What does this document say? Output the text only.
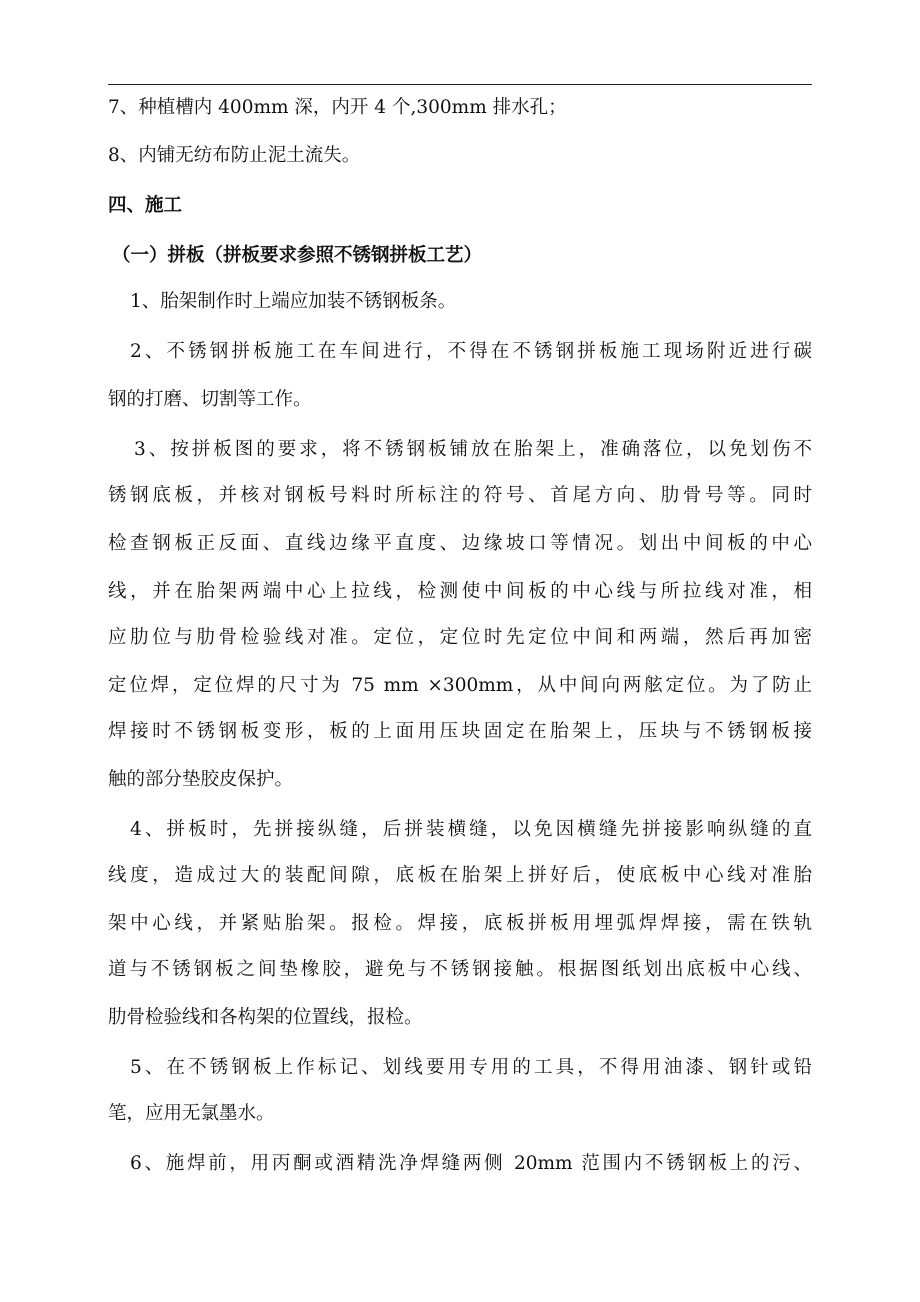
7、种植槽内 400mm 深，内开 4 个,300mm 排水孔；
8、内铺无纺布防止泥土流失。
四、施工
（一）拼板（拼板要求参照不锈钢拼板工艺）
1、胎架制作时上端应加装不锈钢板条。
2、不锈钢拼板施工在车间进行，不得在不锈钢拼板施工现场附近进行碳
钢的打磨、切割等工作。
3、按拼板图的要求，将不锈钢板铺放在胎架上，准确落位，以免划伤不
锈钢底板，并核对钢板号料时所标注的符号、首尾方向、肋骨号等。同时
检查钢板正反面、直线边缘平直度、边缘坡口等情况。划出中间板的中心
线，并在胎架两端中心上拉线，检测使中间板的中心线与所拉线对准，相
应肋位与肋骨检验线对准。定位，定位时先定位中间和两端，然后再加密
定位焊，定位焊的尺寸为 75 mm ×300mm，从中间向两舷定位。为了防止
焊接时不锈钢板变形，板的上面用压块固定在胎架上，压块与不锈钢板接
触的部分垫胶皮保护。
4、拼板时，先拼接纵缝，后拼装横缝，以免因横缝先拼接影响纵缝的直
线度，造成过大的装配间隙，底板在胎架上拼好后，使底板中心线对准胎
架中心线，并紧贴胎架。报检。焊接，底板拼板用埋弧焊焊接，需在铁轨
道与不锈钢板之间垫橡胶，避免与不锈钢接触。根据图纸划出底板中心线、
肋骨检验线和各构架的位置线，报检。
5、在不锈钢板上作标记、划线要用专用的工具，不得用油漆、钢针或铅
笔，应用无氯墨水。
6、施焊前，用丙酮或酒精洗净焊缝两侧 20mm 范围内不锈钢板上的污、
